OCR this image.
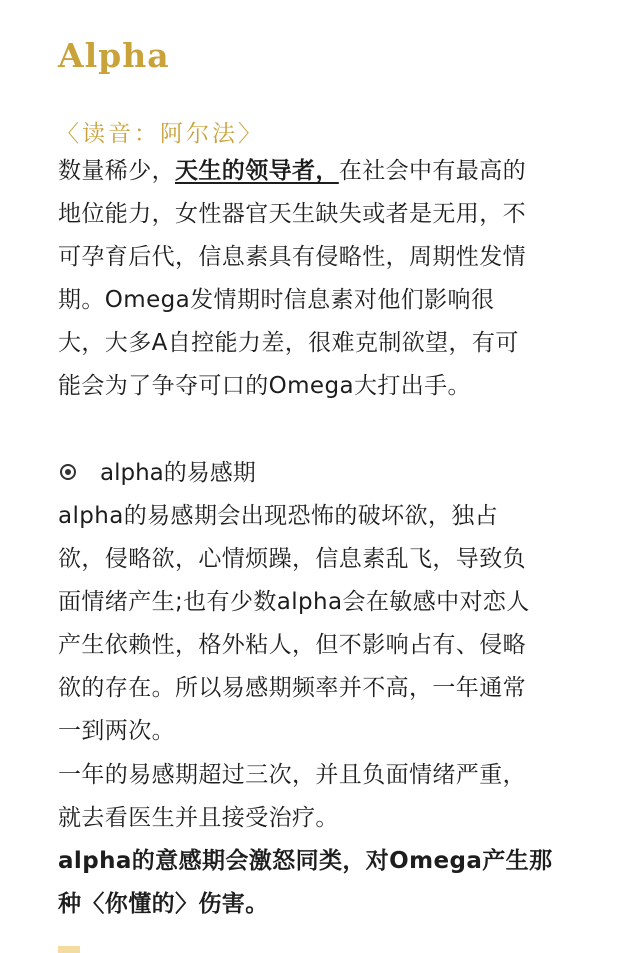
Alpha

〈读音：阿尔法〉

数量稀少，天生的领导者，在社会中有最高的
地位能力，女性器官天生缺失或者是无用，不
可孕育后代，信息素具有侵略性，周期性发情
期。Omega发情期时信息素对他们影响很
大，大多A自控能力差，很难克制欲望，有可
能会为了争夺可口的Omega大打出手。

alpha的易感期

alpha的易感期会出现恐怖的破坏欲，独占
欲，侵略欲，心情烦躁，信息素乱飞，导致负
面情绪产生;也有少数alpha会在敏感中对恋人
产生依赖性，格外粘人，但不影响占有、侵略
欲的存在。所以易感期频率并不高，一年通常
一到两次。

一年的易感期超过三次，并且负面情绪严重，
就去看医生并且接受治疗。

alpha的意感期会激怒同类，对Omega产生那
种〈你懂的〉伤害。
